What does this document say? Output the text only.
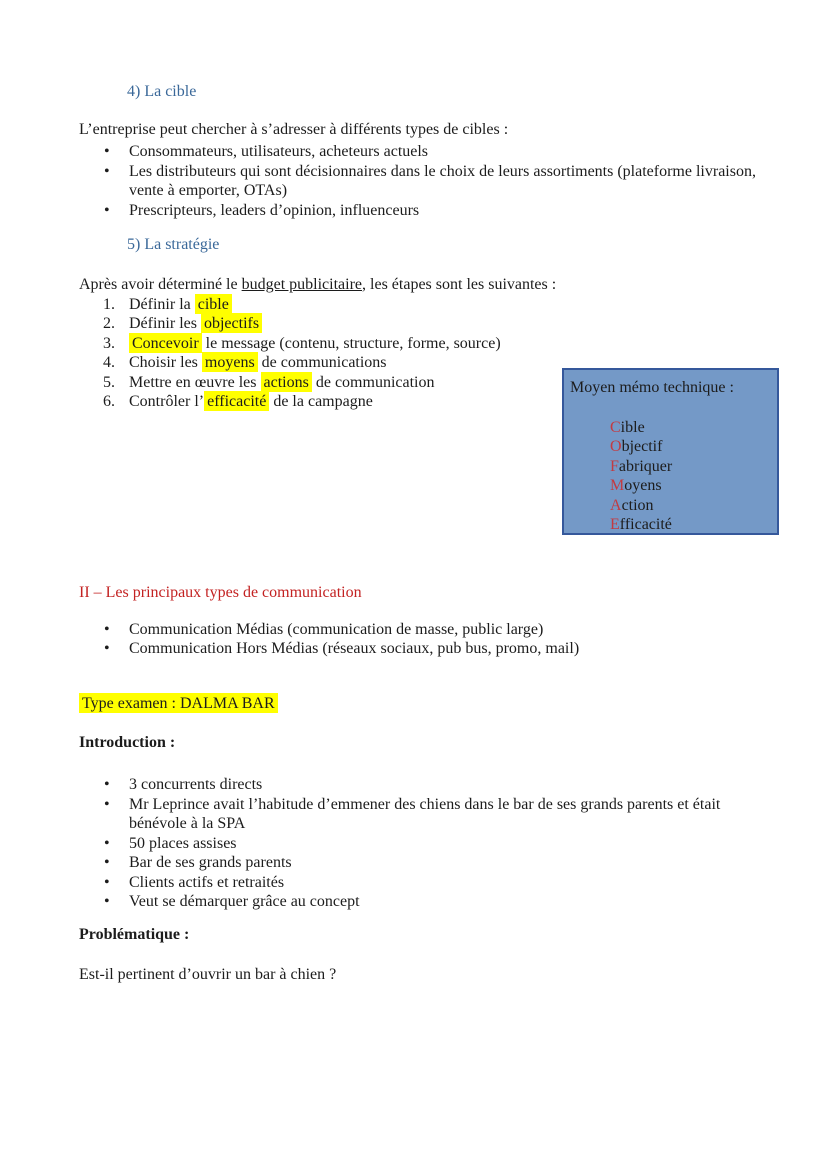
4) La cible

L’entreprise peut chercher à s’adresser à différents types de cibles :

• Consommateurs, utilisateurs, acheteurs actuels
• Les distributeurs qui sont décisionnaires dans le choix de leurs assortiments (plateforme livraison, vente à emporter, OTAs)
• Prescripteurs, leaders d’opinion, influenceurs
5) La stratégie

Après avoir déterminé le budget publicitaire, les étapes sont les suivantes :

1. Définir la cible
2. Définir les objectifs
3. Concevoir le message (contenu, structure, forme, source)
4. Choisir les moyens de communications
5. Mettre en œuvre les actions de communication
6. Contrôler l’ efficacité de la campagne
II – Les principaux types de communication
• Communication Médias (communication de masse, public large)
• Communication Hors Médias (réseaux sociaux, pub bus, promo, mail)

Type examen : DALMA BAR

Introduction :
• 3 concurrents directs
• Mr Leprince avait l’habitude d’emmener des chiens dans le bar de ses grands parents et était bénévole à la SPA
• 50 places assises
• Bar de ses grands parents
• Clients actifs et retraités
• Veut se démarquer grâce au concept
Problématique :

Est-il pertinent d’ouvrir un bar à chien ?

Moyen mémo technique :

Cible
Objectif
Fabriquer
Moyens
Action
Efficacité
